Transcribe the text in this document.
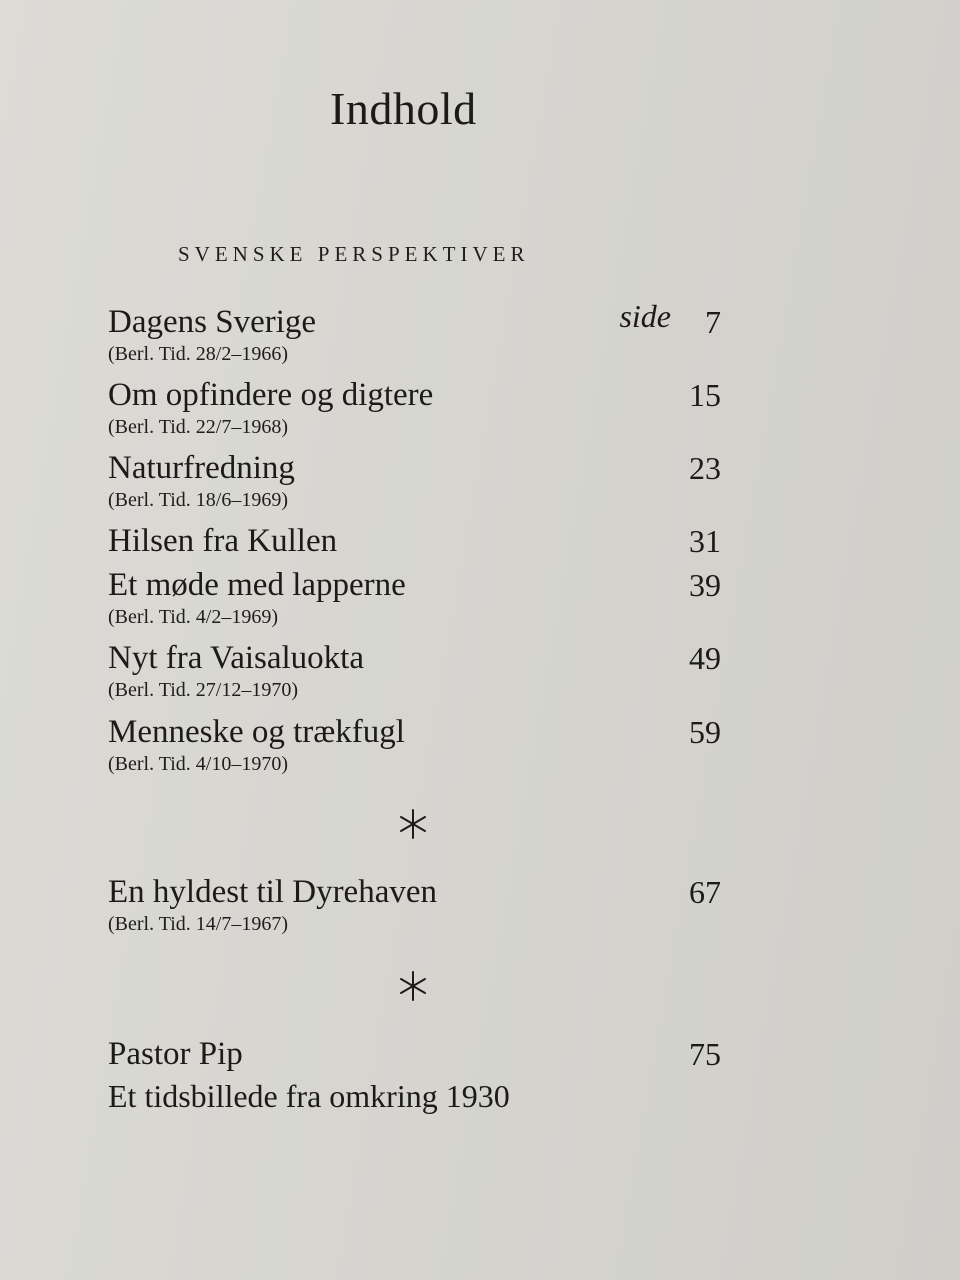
Indhold
SVENSKE PERSPEKTIVER
Dagens Sverige	side 7
(Berl. Tid. 28/2–1966)
Om opfindere og digtere	15
(Berl. Tid. 22/7–1968)
Naturfredning	23
(Berl. Tid. 18/6–1969)
Hilsen fra Kullen	31
Et møde med lapperne	39
(Berl. Tid. 4/2–1969)
Nyt fra Vaisaluokta	49
(Berl. Tid. 27/12–1970)
Menneske og trækfugl	59
(Berl. Tid. 4/10–1970)
En hyldest til Dyrehaven	67
(Berl. Tid. 14/7–1967)
Pastor Pip	75
Et tidsbillede fra omkring 1930
